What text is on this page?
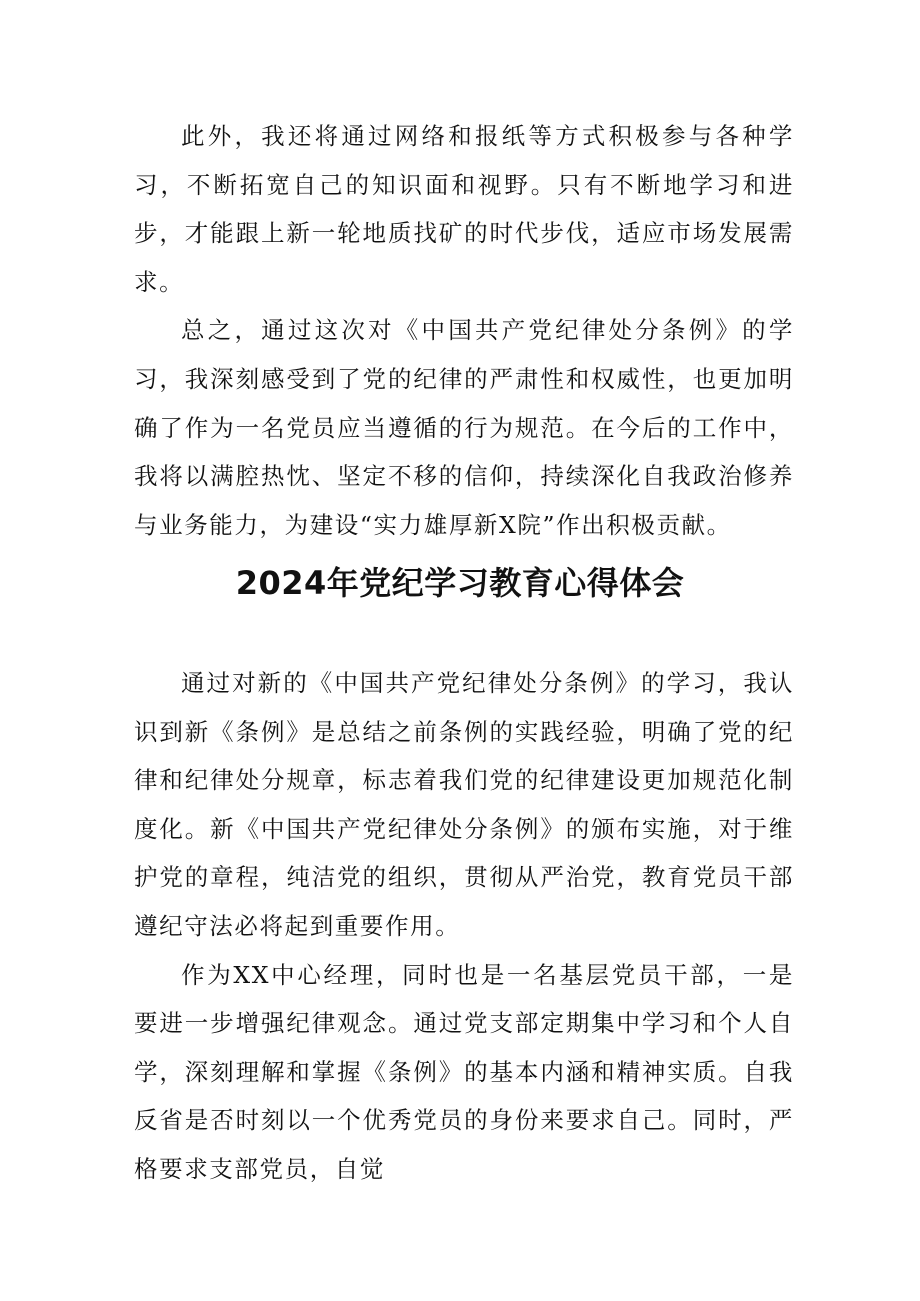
此外，我还将通过网络和报纸等方式积极参与各种学习，不断拓宽自己的知识面和视野。只有不断地学习和进步，才能跟上新一轮地质找矿的时代步伐，适应市场发展需求。

总之，通过这次对《中国共产党纪律处分条例》的学习，我深刻感受到了党的纪律的严肃性和权威性，也更加明确了作为一名党员应当遵循的行为规范。在今后的工作中，我将以满腔热忱、坚定不移的信仰，持续深化自我政治修养与业务能力，为建设“实力雄厚新X院”作出积极贡献。

2024年党纪学习教育心得体会

通过对新的《中国共产党纪律处分条例》的学习，我认识到新《条例》是总结之前条例的实践经验，明确了党的纪律和纪律处分规章，标志着我们党的纪律建设更加规范化制度化。新《中国共产党纪律处分条例》的颁布实施，对于维护党的章程，纯洁党的组织，贯彻从严治党，教育党员干部遵纪守法必将起到重要作用。

作为XX中心经理，同时也是一名基层党员干部，一是要进一步增强纪律观念。通过党支部定期集中学习和个人自学，深刻理解和掌握《条例》的基本内涵和精神实质。自我反省是否时刻以一个优秀党员的身份来要求自己。同时，严格要求支部党员，自觉
